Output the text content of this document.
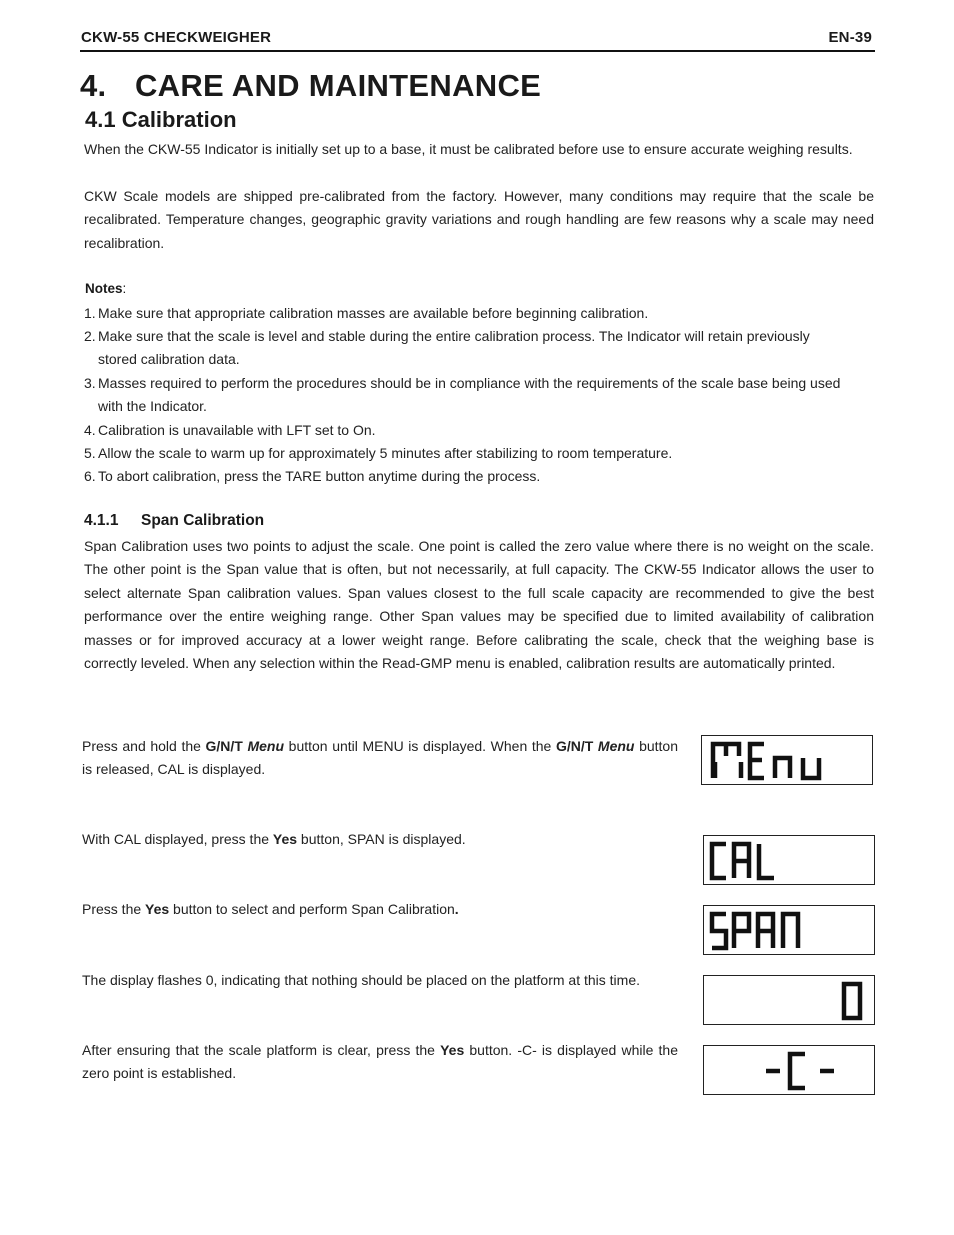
CKW-55 CHECKWEIGHER	EN-39
4. CARE AND MAINTENANCE
4.1 Calibration
When the CKW-55 Indicator is initially set up to a base, it must be calibrated before use to ensure accurate weighing results.
CKW Scale models are shipped pre-calibrated from the factory. However, many conditions may require that the scale be recalibrated. Temperature changes, geographic gravity variations and rough handling are few reasons why a scale may need recalibration.
Notes:
1. Make sure that appropriate calibration masses are available before beginning calibration.
2. Make sure that the scale is level and stable during the entire calibration process. The Indicator will retain previously
stored calibration data.
3. Masses required to perform the procedures should be in compliance with the requirements of the scale base being used
with the Indicator.
4. Calibration is unavailable with LFT set to On.
5. Allow the scale to warm up for approximately 5 minutes after stabilizing to room temperature.
6. To abort calibration, press the TARE button anytime during the process.
4.1.1 Span Calibration
Span Calibration uses two points to adjust the scale. One point is called the zero value where there is no weight on the scale. The other point is the Span value that is often, but not necessarily, at full capacity. The CKW-55 Indicator allows the user to select alternate Span calibration values. Span values closest to the full scale capacity are recommended to give the best performance over the entire weighing range. Other Span values may be specified due to limited availability of calibration masses or for improved accuracy at a lower weight range. Before calibrating the scale, check that the weighing base is correctly leveled. When any selection within the Read-GMP menu is enabled, calibration results are automatically printed.
Press and hold the G/N/T Menu button until MENU is displayed. When the G/N/T Menu button is released, CAL is displayed.
With CAL displayed, press the Yes button, SPAN is displayed.
Press the Yes button to select and perform Span Calibration.
The display flashes 0, indicating that nothing should be placed on the platform at this time.
After ensuring that the scale platform is clear, press the Yes button. -C- is displayed while the zero point is established.
